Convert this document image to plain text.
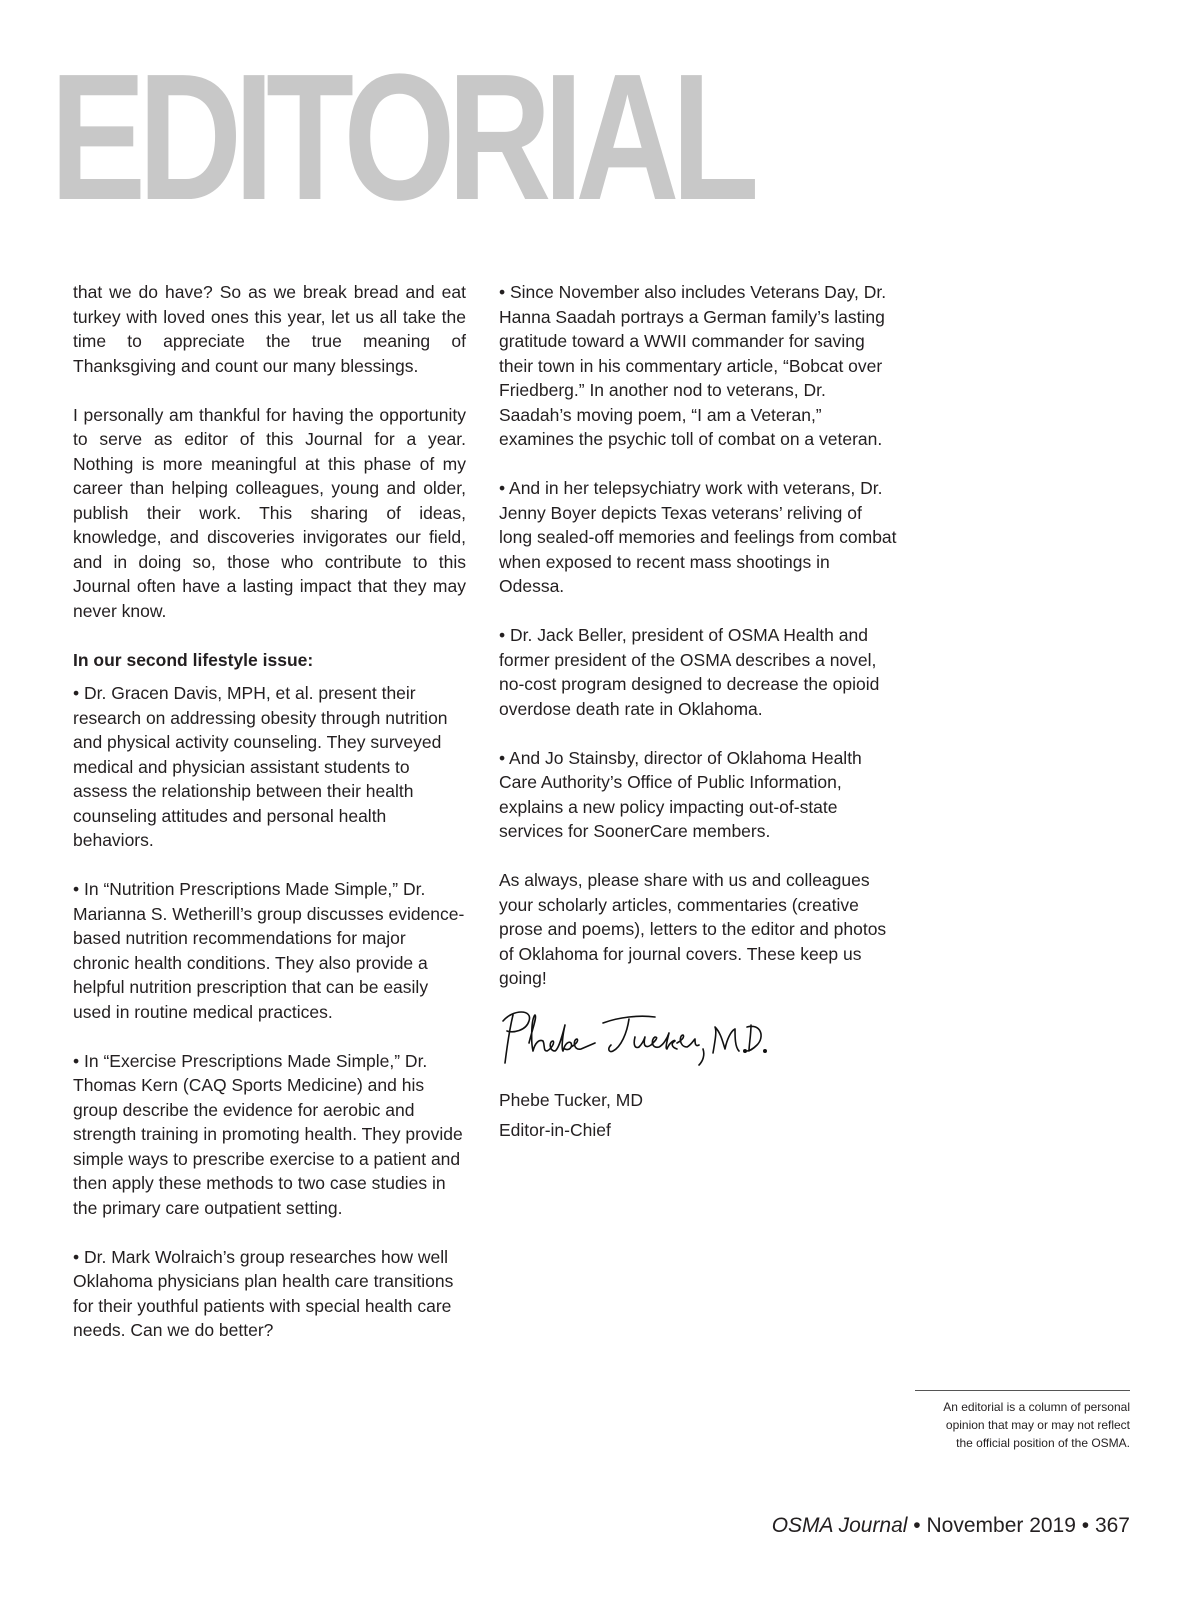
EDITORIAL

that we do have? So as we break bread and eat turkey with loved ones this year, let us all take the time to appreciate the true meaning of Thanksgiving and count our many blessings.

I personally am thankful for having the opportunity to serve as editor of this Journal for a year. Nothing is more meaningful at this phase of my career than helping colleagues, young and older, publish their work. This sharing of ideas, knowledge, and discoveries invigorates our field, and in doing so, those who contribute to this Journal often have a lasting impact that they may never know.

In our second lifestyle issue:

• Dr. Gracen Davis, MPH, et al. present their research on addressing obesity through nutrition and physical activity counseling. They surveyed medical and physician assistant students to assess the relationship between their health counseling attitudes and personal health behaviors.

• In “Nutrition Prescriptions Made Simple,” Dr. Marianna S. Wetherill’s group discusses evidence-based nutrition recommendations for major chronic health conditions. They also provide a helpful nutrition prescription that can be easily used in routine medical practices.

• In “Exercise Prescriptions Made Simple,” Dr. Thomas Kern (CAQ Sports Medicine) and his group describe the evidence for aerobic and strength training in promoting health. They provide simple ways to prescribe exercise to a patient and then apply these methods to two case studies in the primary care outpatient setting.

• Dr. Mark Wolraich’s group researches how well Oklahoma physicians plan health care transitions for their youthful patients with special health care needs. Can we do better?

• Since November also includes Veterans Day, Dr. Hanna Saadah portrays a German family’s lasting gratitude toward a WWII commander for saving their town in his commentary article, “Bobcat over Friedberg.” In another nod to veterans, Dr. Saadah’s moving poem, “I am a Veteran,” examines the psychic toll of combat on a veteran.

• And in her telepsychiatry work with veterans, Dr. Jenny Boyer depicts Texas veterans’ reliving of long sealed-off memories and feelings from combat when exposed to recent mass shootings in Odessa.

• Dr. Jack Beller, president of OSMA Health and former president of the OSMA describes a novel, no-cost program designed to decrease the opioid overdose death rate in Oklahoma.

• And Jo Stainsby, director of Oklahoma Health Care Authority’s Office of Public Information, explains a new policy impacting out-of-state services for SoonerCare members.

As always, please share with us and colleagues your scholarly articles, commentaries (creative prose and poems), letters to the editor and photos of Oklahoma for journal covers. These keep us going!

Phebe Tucker, MD

Editor-in-Chief

An editorial is a column of personal

opinion that may or may not reflect

the official position of the OSMA.

OSMA Journal • November 2019 • 367
